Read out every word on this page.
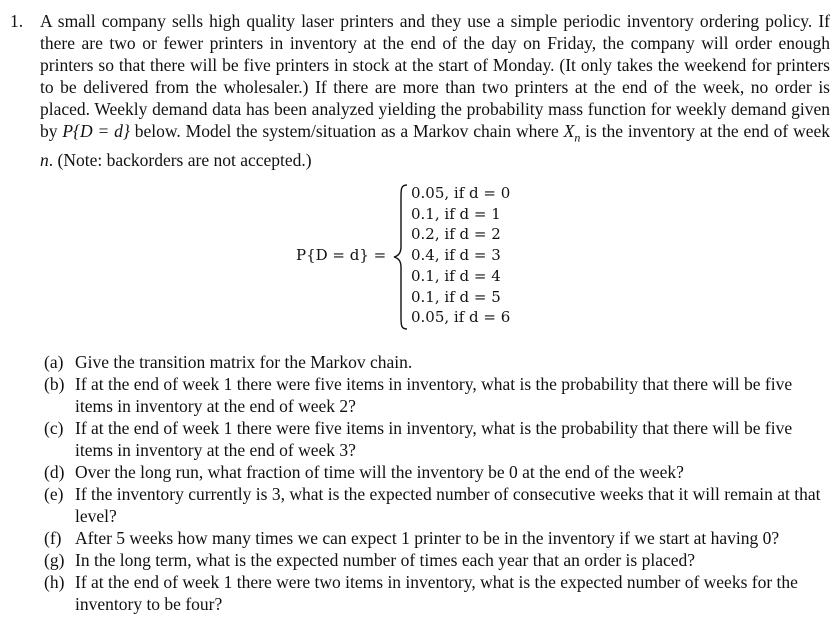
1. A small company sells high quality laser printers and they use a simple periodic inventory ordering policy. If there are two or fewer printers in inventory at the end of the day on Friday, the company will order enough printers so that there will be five printers in stock at the start of Monday. (It only takes the weekend for printers to be delivered from the wholesaler.) If there are more than two printers at the end of the week, no order is placed. Weekly demand data has been analyzed yielding the probability mass function for weekly demand given by P{D = d} below. Model the system/situation as a Markov chain where $X_n$ is the inventory at the end of week n. (Note: backorders are not accepted.)

P{D = d} =
0.05, if d = 0
0.1, if d = 1
0.2, if d = 2
0.4, if d = 3
0.1, if d = 4
0.1, if d = 5
0.05, if d = 6

(a) Give the transition matrix for the Markov chain.

(b) If at the end of week 1 there were five items in inventory, what is the probability that there will be five items in inventory at the end of week 2?

(c) If at the end of week 1 there were five items in inventory, what is the probability that there will be five items in inventory at the end of week 3?

(d) Over the long run, what fraction of time will the inventory be 0 at the end of the week?

(e) If the inventory currently is 3, what is the expected number of consecutive weeks that it will remain at that level?

(f) After 5 weeks how many times we can expect 1 printer to be in the inventory if we start at having 0?

(g) In the long term, what is the expected number of times each year that an order is placed?

(h) If at the end of week 1 there were two items in inventory, what is the expected number of weeks for the inventory to be four?
